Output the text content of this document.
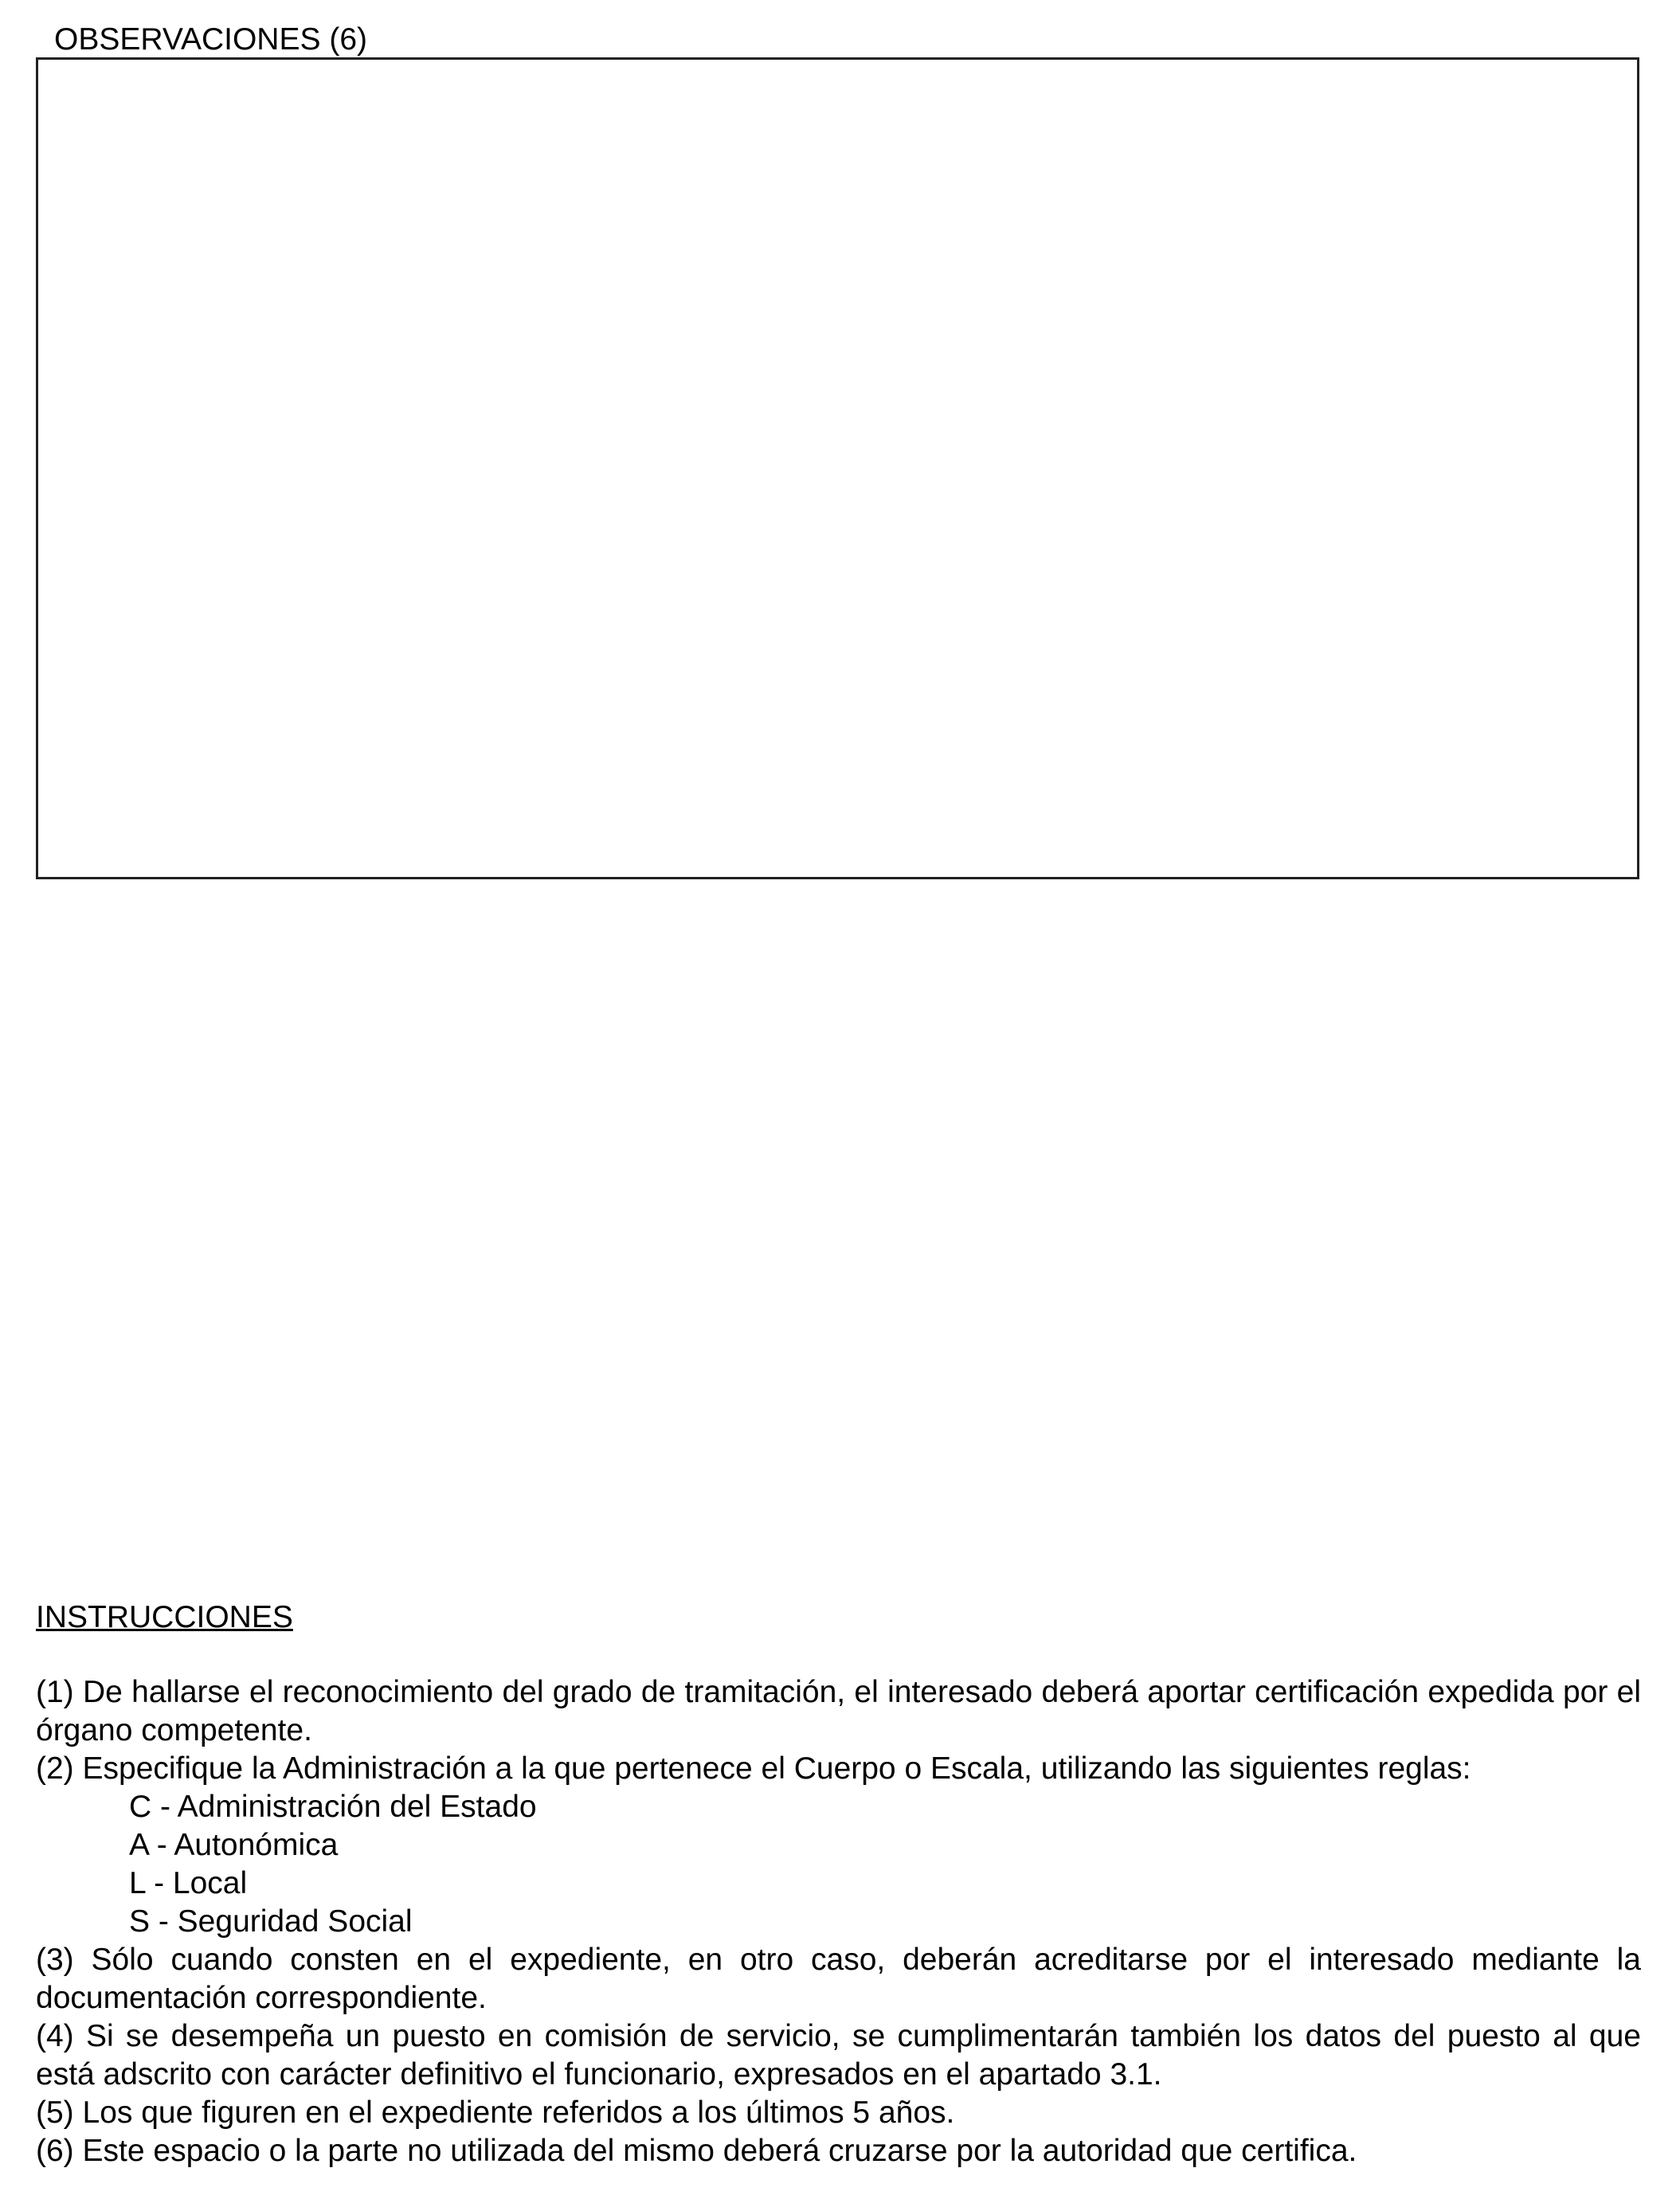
OBSERVACIONES (6)
INSTRUCCIONES

(1) De hallarse el reconocimiento del grado de tramitación, el interesado deberá aportar certificación expedida por el órgano competente.

(2) Especifique la Administración a la que pertenece el Cuerpo o Escala, utilizando las siguientes reglas:

C - Administración del Estado

A - Autonómica

L - Local

S - Seguridad Social

(3) Sólo cuando consten en el expediente, en otro caso, deberán acreditarse por el interesado mediante la documentación correspondiente.

(4) Si se desempeña un puesto en comisión de servicio, se cumplimentarán también los datos del puesto al que está adscrito con carácter definitivo el funcionario, expresados en el apartado 3.1.

(5) Los que figuren en el expediente referidos a los últimos 5 años.

(6) Este espacio o la parte no utilizada del mismo deberá cruzarse por la autoridad que certifica.
